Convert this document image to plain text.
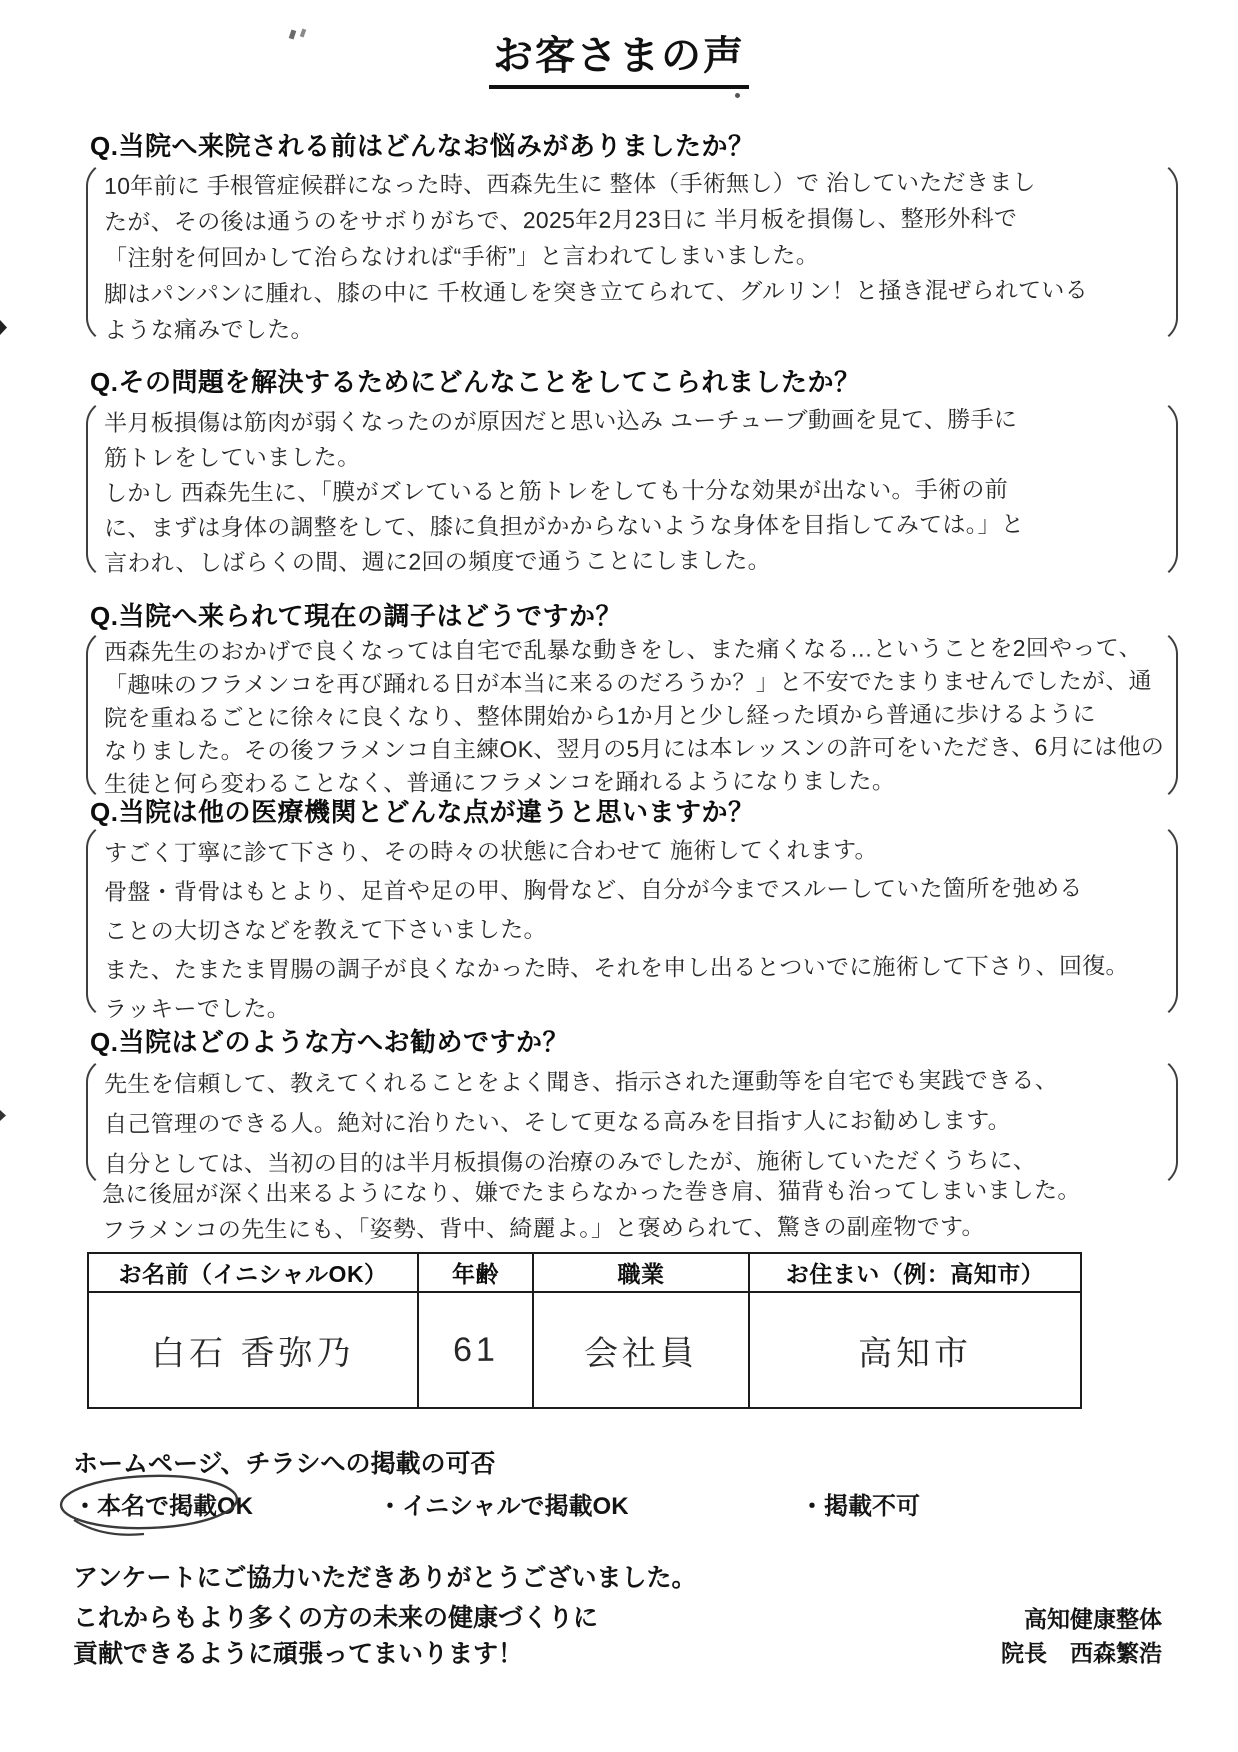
お客さまの声
Q.当院へ来院される前はどんなお悩みがありましたか？
10年前に 手根管症候群になった時、西森先生に 整体（手術無し）で 治していただきまし
たが、その後は通うのをサボりがちで、2025年2月23日に 半月板を損傷し、整形外科で
「注射を何回かして治らなければ“手術”」と言われてしまいました。
脚はパンパンに腫れ、膝の中に 千枚通しを突き立てられて、グルリン！と掻き混ぜられている
ような痛みでした。
Q.その問題を解決するためにどんなことをしてこられましたか？
半月板損傷は筋肉が弱くなったのが原因だと思い込み ユーチューブ動画を見て、勝手に
筋トレをしていました。
しかし 西森先生に、「膜がズレていると筋トレをしても十分な効果が出ない。手術の前
に、まずは身体の調整をして、膝に負担がかからないような身体を目指してみては。」と
言われ、しばらくの間、週に2回の頻度で通うことにしました。
Q.当院へ来られて現在の調子はどうですか？
西森先生のおかげで良くなっては自宅で乱暴な動きをし、また痛くなる…ということを2回やって、
「趣味のフラメンコを再び踊れる日が本当に来るのだろうか？」と不安でたまりませんでしたが、通
院を重ねるごとに徐々に良くなり、整体開始から1か月と少し経った頃から普通に歩けるように
なりました。その後フラメンコ自主練OK、翌月の5月には本レッスンの許可をいただき、6月には他の
生徒と何ら変わることなく、普通にフラメンコを踊れるようになりました。
Q.当院は他の医療機関とどんな点が違うと思いますか？
すごく丁寧に診て下さり、その時々の状態に合わせて 施術してくれます。
骨盤・背骨はもとより、足首や足の甲、胸骨など、自分が今までスルーしていた箇所を弛める
ことの大切さなどを教えて下さいました。
また、たまたま胃腸の調子が良くなかった時、それを申し出るとついでに施術して下さり、回復。
ラッキーでした。
Q.当院はどのような方へお勧めですか？
先生を信頼して、教えてくれることをよく聞き、指示された運動等を自宅でも実践できる、
自己管理のできる人。絶対に治りたい、そして更なる高みを目指す人にお勧めします。
自分としては、当初の目的は半月板損傷の治療のみでしたが、施術していただくうちに、
急に後屈が深く出来るようになり、嫌でたまらなかった巻き肩、猫背も治ってしまいました。
フラメンコの先生にも、「姿勢、背中、綺麗よ。」と褒められて、驚きの副産物です。
お名前（イニシャルOK）	年齢	職業	お住まい（例：高知市）
白石 香弥乃	61	会社員	高知市
ホームページ、チラシへの掲載の可否
・ 本名で掲載OK	・ イニシャルで掲載OK	・ 掲載不可
アンケートにご協力いただきありがとうございました。
これからもより多くの方の未来の健康づくりに
貢献できるように頑張ってまいります！
高知健康整体
院長　西森繁浩
